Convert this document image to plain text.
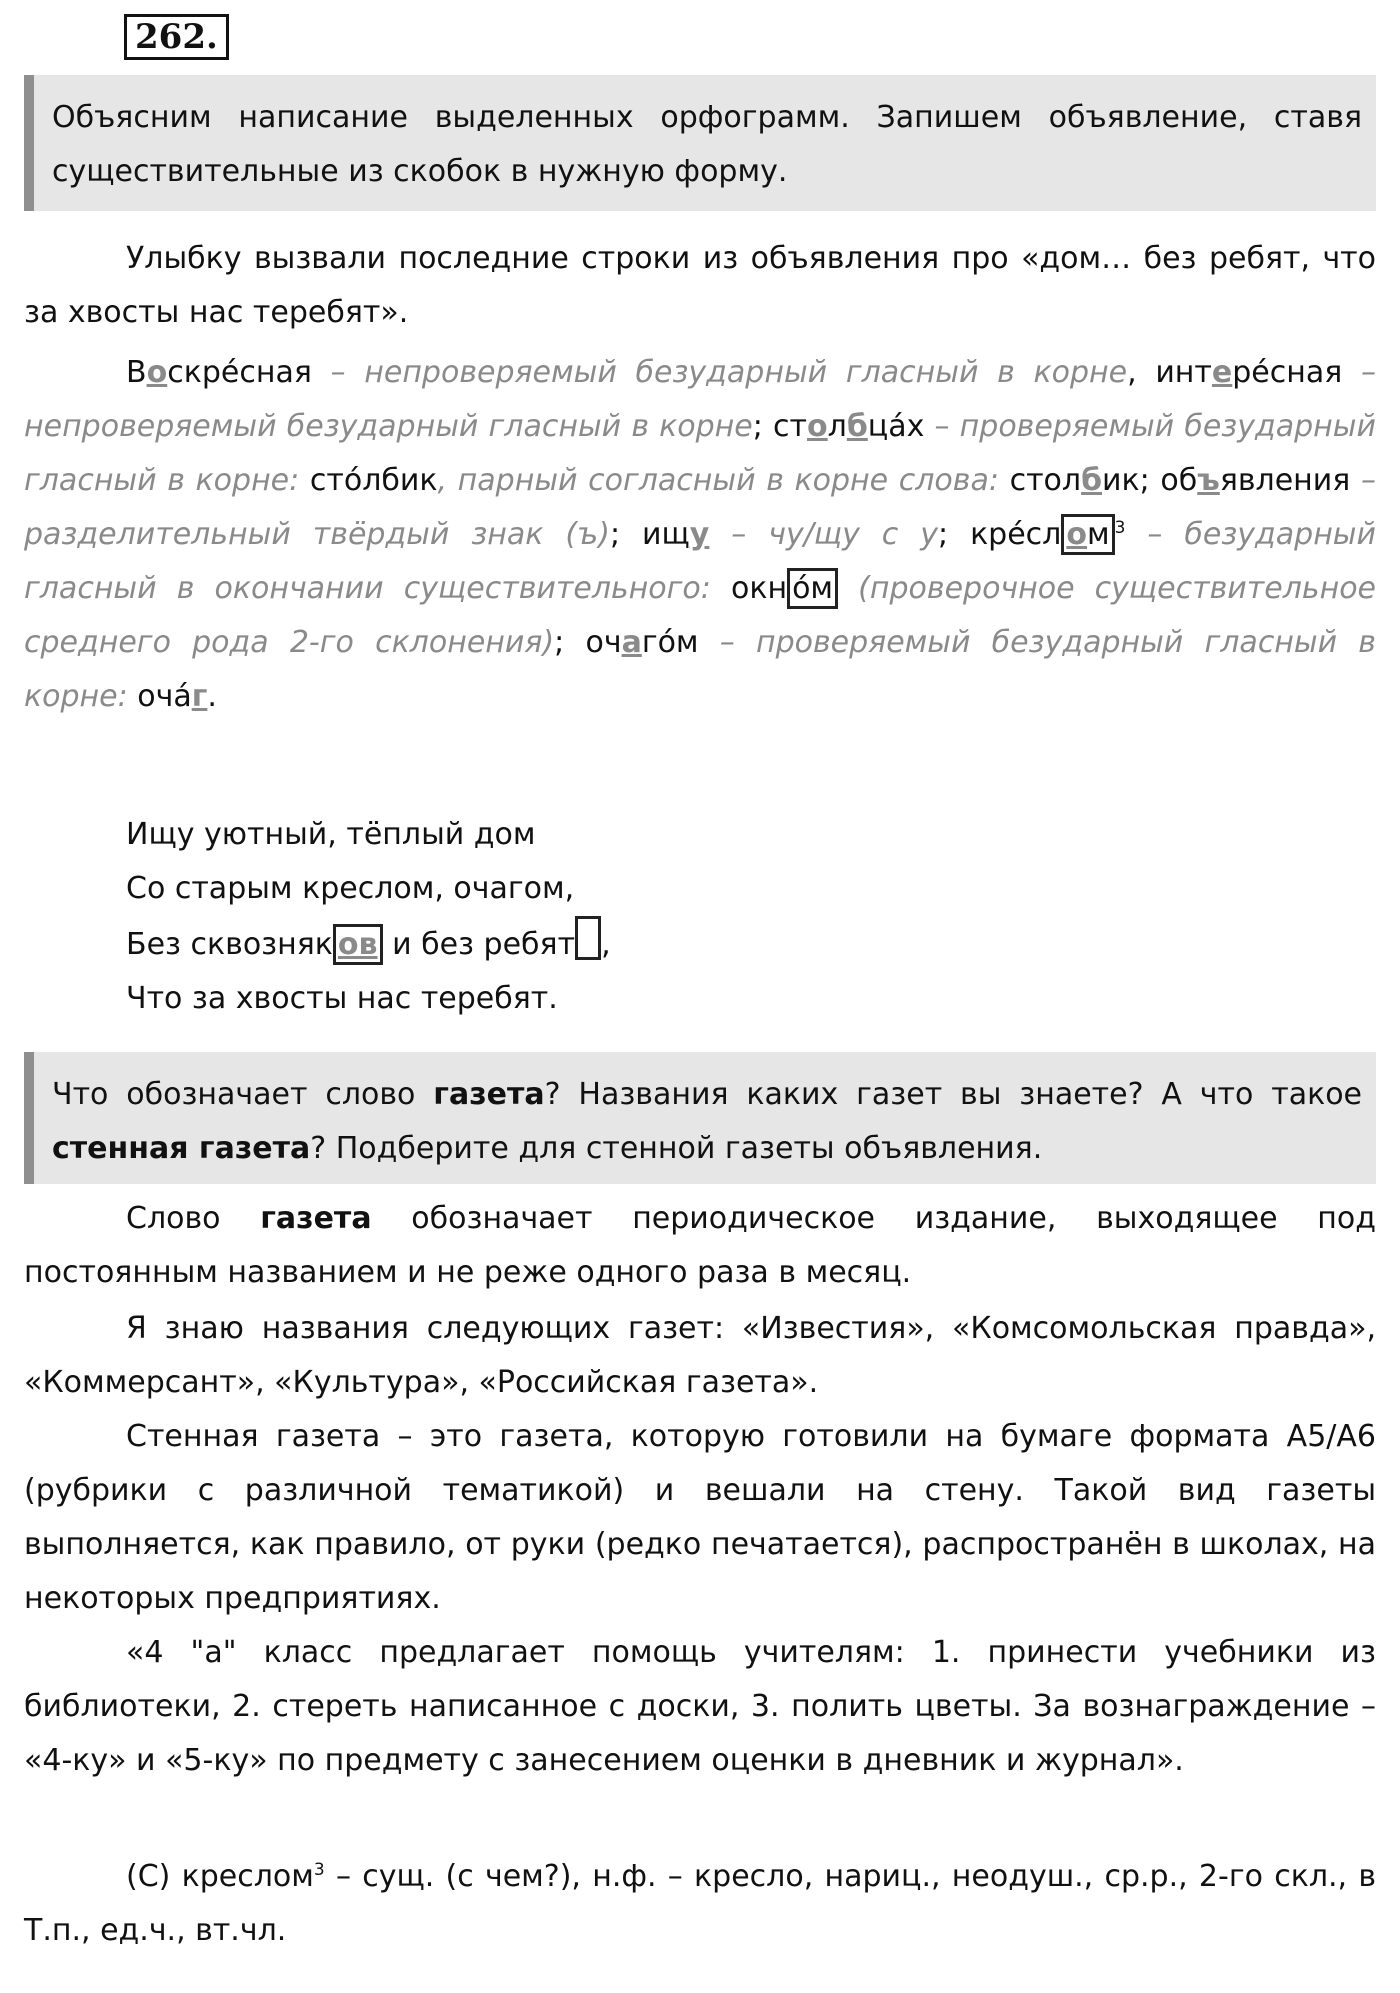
262.
Объясним написание выделенных орфограмм. Запишем объявление, ставя существительные из скобок в нужную форму.
Улыбку вызвали последние строки из объявления про «дом… без ребят, что за хвосты нас теребят».
Воскре́сная – непроверяемый безударный гласный в корне, интере́сная – непроверяемый безударный гласный в корне; столбца́х – проверяемый безударный гласный в корне: сто́лбик, парный согласный в корне слова: столбик; объявления – разделительный твёрдый знак (ъ); ищу – чу/щу с у; кре́сл ом $^3$ – безударный гласный в окончании существительного: окн о́м (проверочное существительное среднего рода 2-го склонения); очаго́м – проверяемый безударный гласный в корне: оча́г.
Ищу уютный, тёплый дом
Со старым креслом, очагом,
Без сквозняк ов и без ребят ,
Что за хвосты нас теребят.
Что обозначает слово газета? Названия каких газет вы знаете? А что такое стенная газета? Подберите для стенной газеты объявления.
Слово газета обозначает периодическое издание, выходящее под постоянным названием и не реже одного раза в месяц.
Я знаю названия следующих газет: «Известия», «Комсомольская правда», «Коммерсант», «Культура», «Российская газета».
Стенная газета – это газета, которую готовили на бумаге формата А5/А6 (рубрики с различной тематикой) и вешали на стену. Такой вид газеты выполняется, как правило, от руки (редко печатается), распространён в школах, на некоторых предприятиях.
«4 "а" класс предлагает помощь учителям: 1. принести учебники из библиотеки, 2. стереть написанное с доски, 3. полить цветы. За вознаграждение – «4-ку» и «5-ку» по предмету с занесением оценки в дневник и журнал».
(С) креслом$^3$ – сущ. (с чем?), н.ф. – кресло, нариц., неодуш., ср.р., 2-го скл., в Т.п., ед.ч., вт.чл.
